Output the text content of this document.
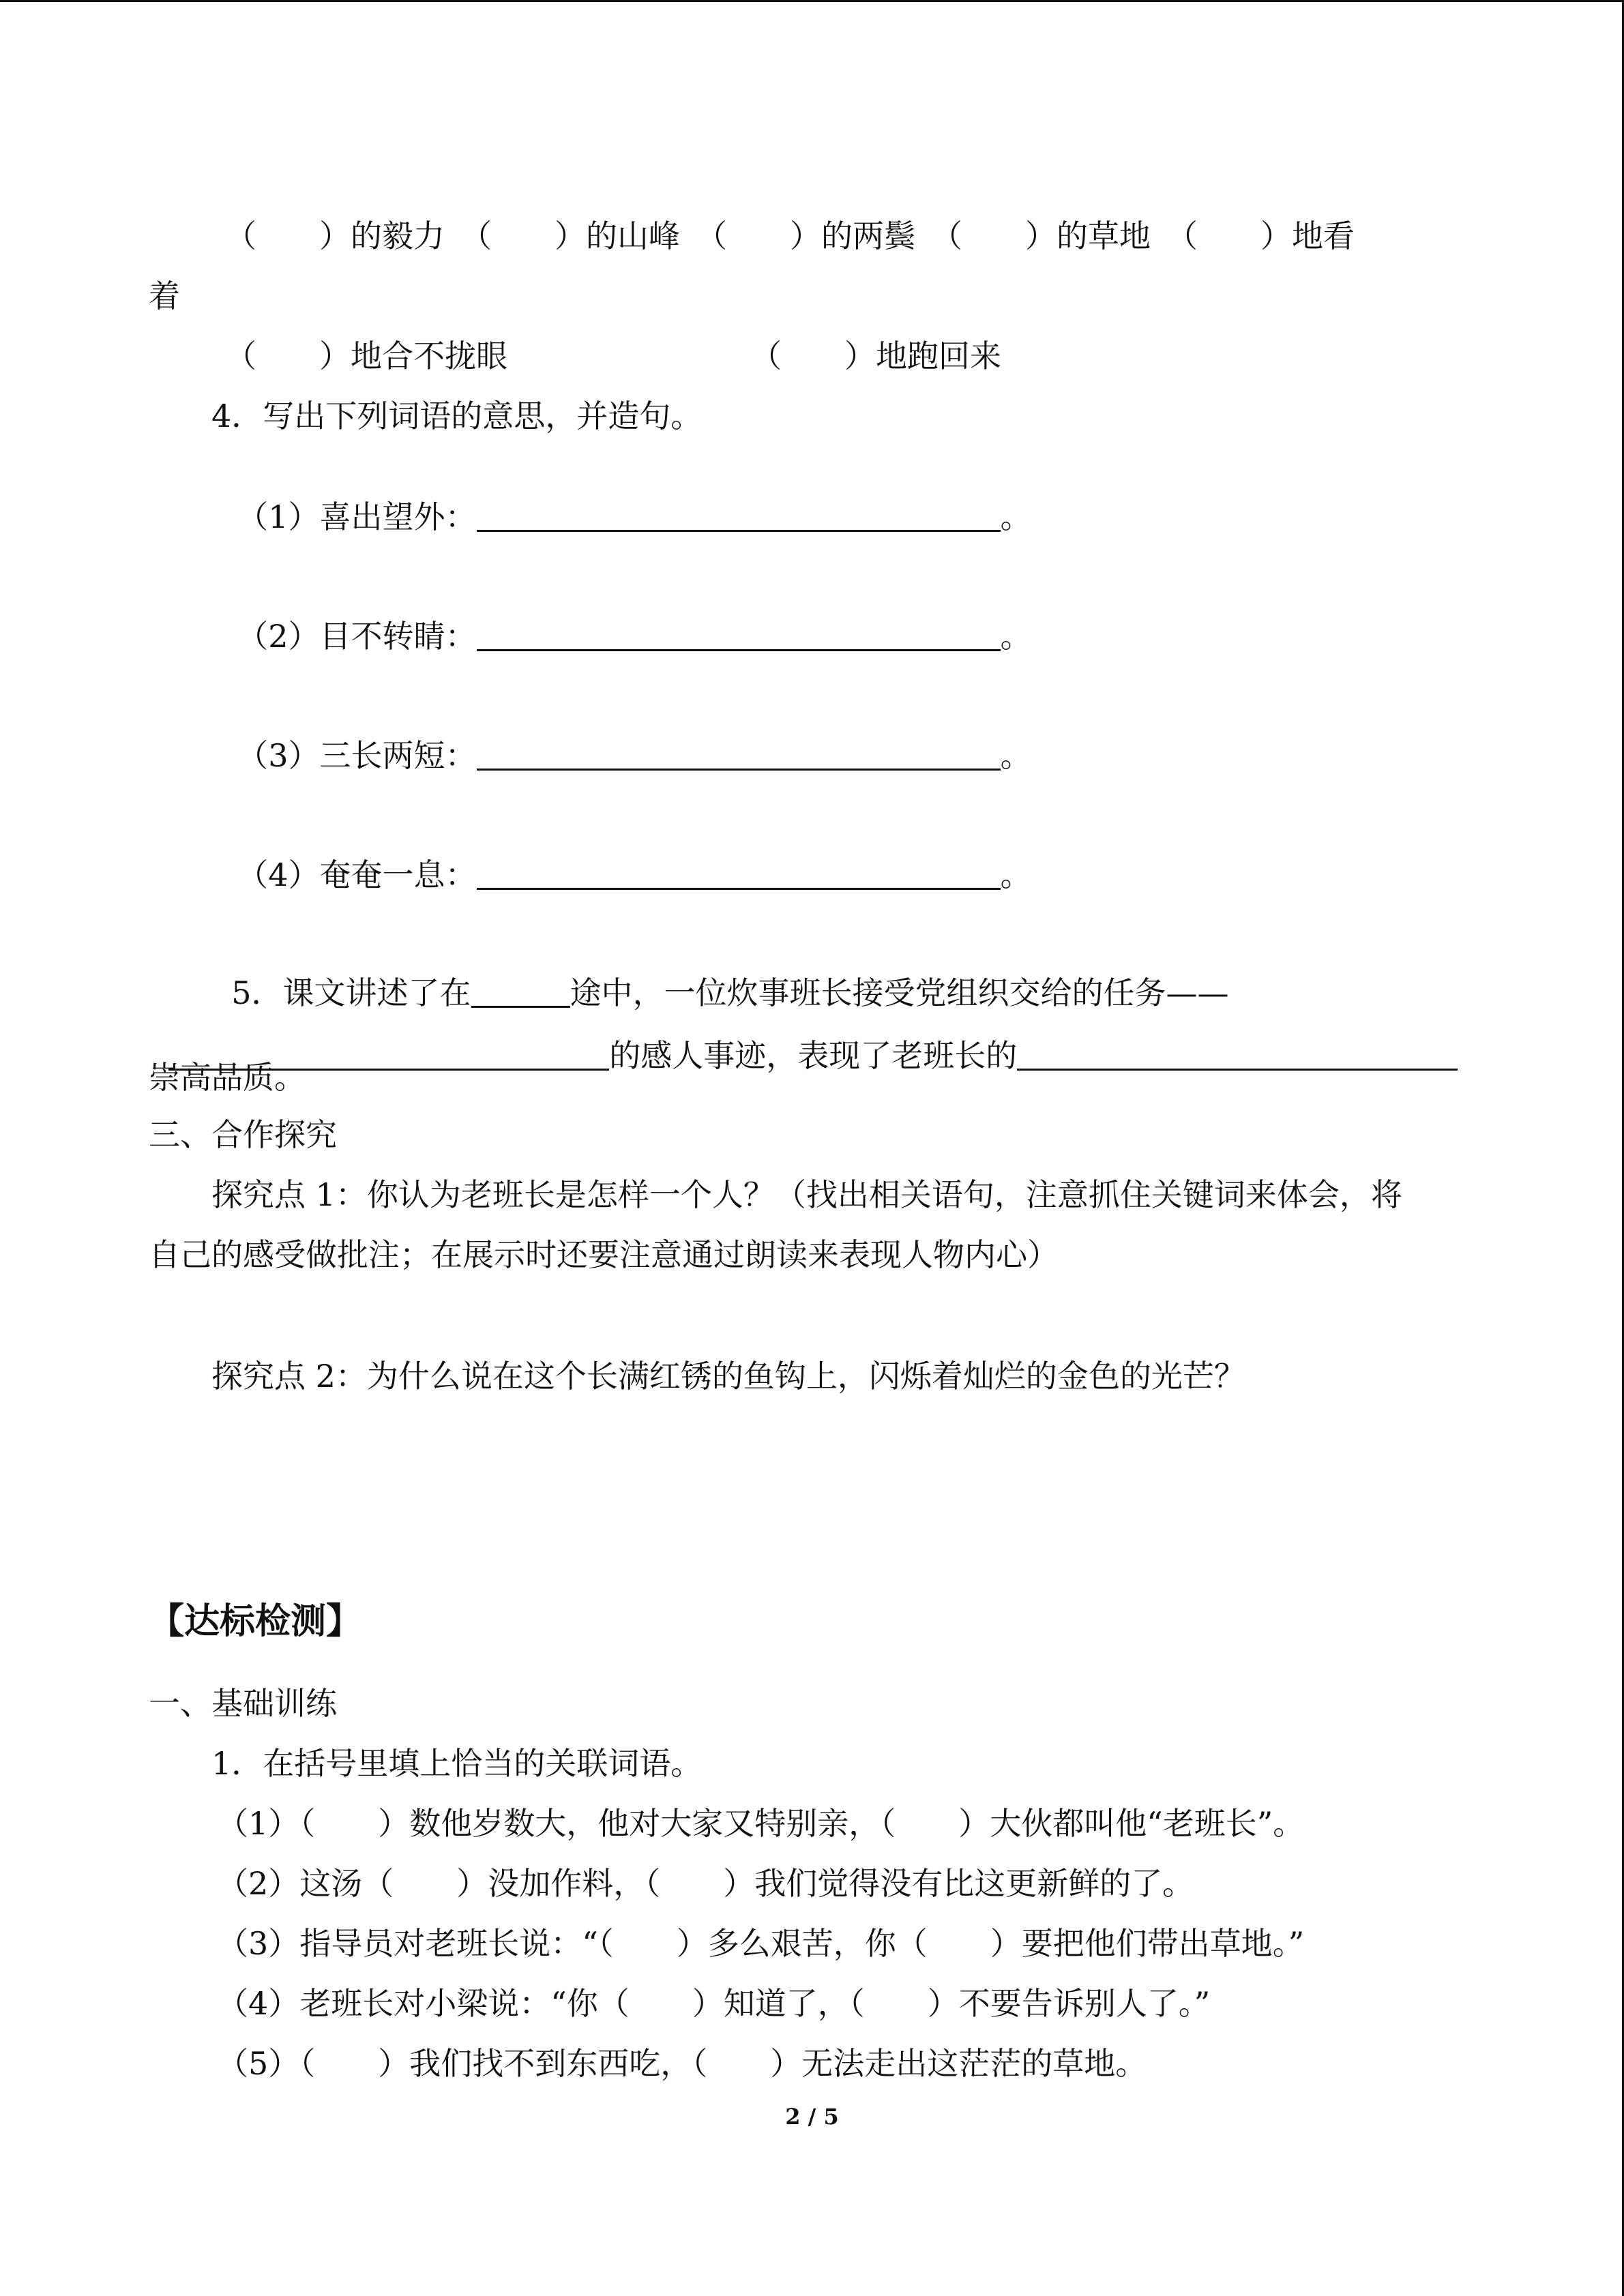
（　　）的毅力　（　　）的山峰　（　　）的两鬓　（　　）的草地　（　　）地看
着
（　　）地合不拢眼	（　　）地跑回来
4．写出下列词语的意思，并造句。

（1）喜出望外：	。

（2）目不转睛：	。

（3）三长两短：	。

（4）奄奄一息：	。

5．课文讲述了在	途中，一位炊事班长接受党组织交给的任务——

的感人事迹，表现了老班长的

崇高品质。
三、合作探究
探究点 1：你认为老班长是怎样一个人？（找出相关语句，注意抓住关键词来体会，将
自己的感受做批注；在展示时还要注意通过朗读来表现人物内心）
探究点 2：为什么说在这个长满红锈的鱼钩上，闪烁着灿烂的金色的光芒？
【达标检测】
一、基础训练
1．在括号里填上恰当的关联词语。
（1）（　　）数他岁数大，他对大家又特别亲，（　　）大伙都叫他“老班长”。
（2）这汤（　　）没加作料，（　　）我们觉得没有比这更新鲜的了。
（3）指导员对老班长说：“（　　）多么艰苦，你（　　）要把他们带出草地。”
（4）老班长对小梁说：“你（　　）知道了，（　　）不要告诉别人了。”
（5）（　　）我们找不到东西吃，（　　）无法走出这茫茫的草地。
2 / 5
